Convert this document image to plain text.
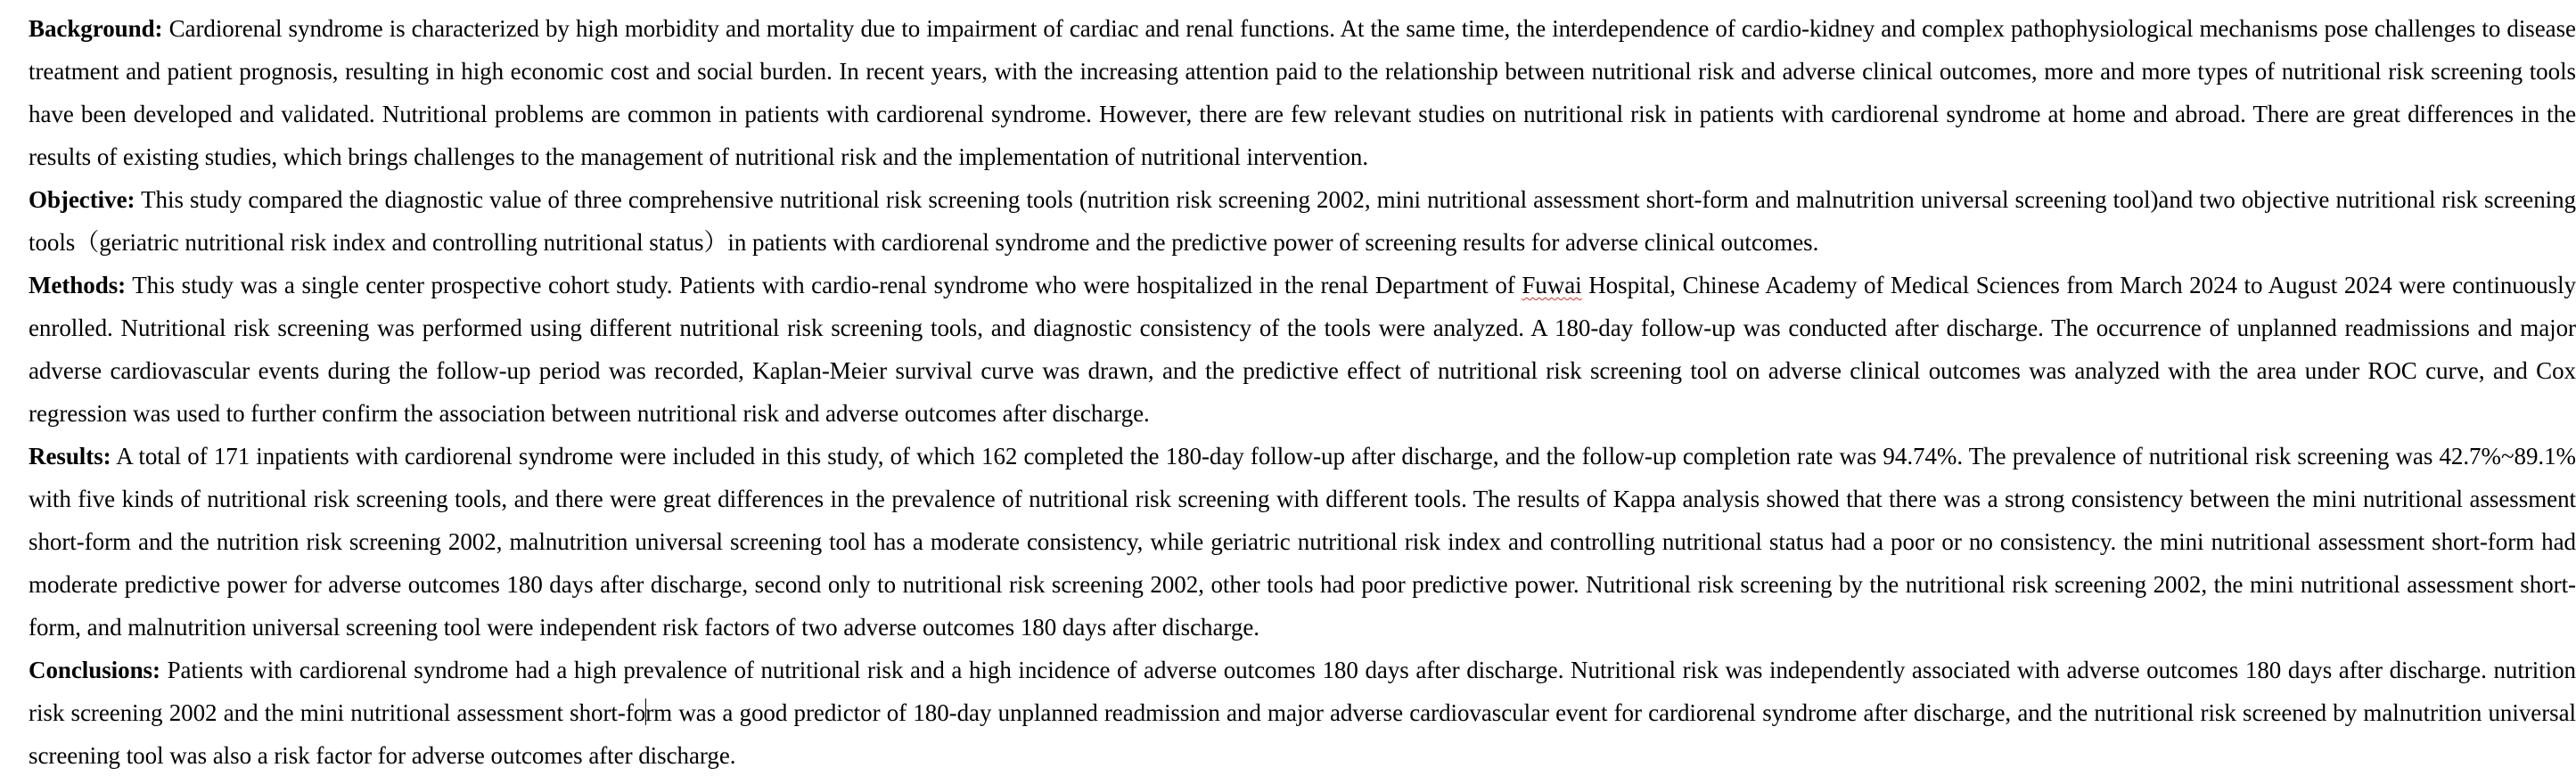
Background: Cardiorenal syndrome is characterized by high morbidity and mortality due to impairment of cardiac and renal functions. At the same time, the interdependence of cardio-kidney and complex pathophysiological mechanisms pose challenges to disease treatment and patient prognosis, resulting in high economic cost and social burden. In recent years, with the increasing attention paid to the relationship between nutritional risk and adverse clinical outcomes, more and more types of nutritional risk screening tools have been developed and validated. Nutritional problems are common in patients with cardiorenal syndrome. However, there are few relevant studies on nutritional risk in patients with cardiorenal syndrome at home and abroad. There are great differences in the results of existing studies, which brings challenges to the management of nutritional risk and the implementation of nutritional intervention.

Objective: This study compared the diagnostic value of three comprehensive nutritional risk screening tools (nutrition risk screening 2002, mini nutritional assessment short-form and malnutrition universal screening tool)and two objective nutritional risk screening tools（geriatric nutritional risk index and controlling nutritional status）in patients with cardiorenal syndrome and the predictive power of screening results for adverse clinical outcomes.

Methods: This study was a single center prospective cohort study. Patients with cardio-renal syndrome who were hospitalized in the renal Department of Fuwai Hospital, Chinese Academy of Medical Sciences from March 2024 to August 2024 were continuously enrolled. Nutritional risk screening was performed using different nutritional risk screening tools, and diagnostic consistency of the tools were analyzed. A 180-day follow-up was conducted after discharge. The occurrence of unplanned readmissions and major adverse cardiovascular events during the follow-up period was recorded, Kaplan-Meier survival curve was drawn, and the predictive effect of nutritional risk screening tool on adverse clinical outcomes was analyzed with the area under ROC curve, and Cox regression was used to further confirm the association between nutritional risk and adverse outcomes after discharge.

Results: A total of 171 inpatients with cardiorenal syndrome were included in this study, of which 162 completed the 180-day follow-up after discharge, and the follow-up completion rate was 94.74%. The prevalence of nutritional risk screening was 42.7%~89.1% with five kinds of nutritional risk screening tools, and there were great differences in the prevalence of nutritional risk screening with different tools. The results of Kappa analysis showed that there was a strong consistency between the mini nutritional assessment short-form and the nutrition risk screening 2002, malnutrition universal screening tool has a moderate consistency, while geriatric nutritional risk index and controlling nutritional status had a poor or no consistency. the mini nutritional assessment short-form had moderate predictive power for adverse outcomes 180 days after discharge, second only to nutritional risk screening 2002, other tools had poor predictive power. Nutritional risk screening by the nutritional risk screening 2002, the mini nutritional assessment short-form, and malnutrition universal screening tool were independent risk factors of two adverse outcomes 180 days after discharge.

Conclusions: Patients with cardiorenal syndrome had a high prevalence of nutritional risk and a high incidence of adverse outcomes 180 days after discharge. Nutritional risk was independently associated with adverse outcomes 180 days after discharge. nutrition risk screening 2002 and the mini nutritional assessment short-form was a good predictor of 180-day unplanned readmission and major adverse cardiovascular event for cardiorenal syndrome after discharge, and the nutritional risk screened by malnutrition universal screening tool was also a risk factor for adverse outcomes after discharge.
